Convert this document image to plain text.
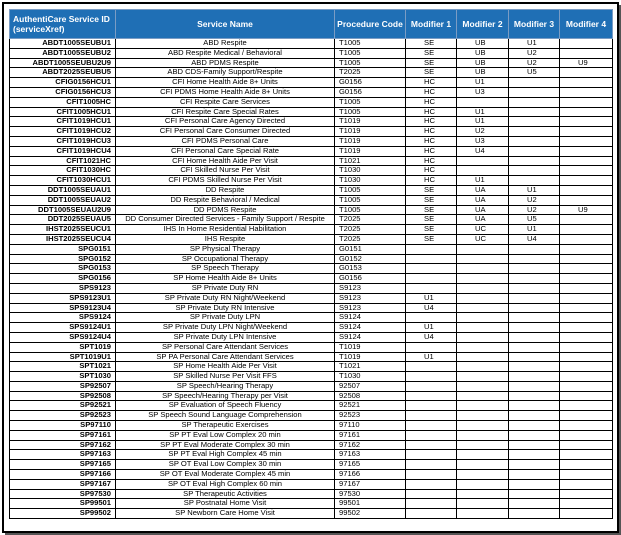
AuthentiCare Service ID (serviceXref)	Service Name	Procedure Code	Modifier 1	Modifier 2	Modifier 3	Modifier 4
ABDT1005SEUBU1	ABD Respite	T1005	SE	UB	U1	
ABDT1005SEUBU2	ABD Respite Medical / Behavioral	T1005	SE	UB	U2	
ABDT1005SEUBU2U9	ABD PDMS Respite	T1005	SE	UB	U2	U9
ABDT2025SEUBU5	ABD CDS-Family Support/Respite	T2025	SE	UB	U5	
CFIG0156HCU1	CFI Home Health Aide 8+ Units	G0156	HC	U1		
CFIG0156HCU3	CFI PDMS Home Health Aide 8+ Units	G0156	HC	U3		
CFIT1005HC	CFI Respite Care Services	T1005	HC			
CFIT1005HCU1	CFI Respite Care Special Rates	T1005	HC	U1		
CFIT1019HCU1	CFI Personal Care Agency Directed	T1019	HC	U1		
CFIT1019HCU2	CFI Personal Care Consumer Directed	T1019	HC	U2		
CFIT1019HCU3	CFI PDMS Personal Care	T1019	HC	U3		
CFIT1019HCU4	CFI Personal Care Special Rate	T1019	HC	U4		
CFIT1021HC	CFI Home Health Aide Per Visit	T1021	HC			
CFIT1030HC	CFI Skilled Nurse Per Visit	T1030	HC			
CFIT1030HCU1	CFI PDMS Skilled Nurse Per Visit	T1030	HC	U1		
DDT1005SEUAU1	DD Respite	T1005	SE	UA	U1	
DDT1005SEUAU2	DD Respite Behavioral / Medical	T1005	SE	UA	U2	
DDT1005SEUAU2U9	DD PDMS Respite	T1005	SE	UA	U2	U9
DDT2025SEUAU5	DD Consumer Directed Services - Family Support / Respite	T2025	SE	UA	U5	
IHST2025SEUCU1	IHS In Home Residential Habilitation	T2025	SE	UC	U1	
IHST2025SEUCU4	IHS Respite	T2025	SE	UC	U4	
SPG0151	SP Physical Therapy	G0151				
SPG0152	SP Occupational Therapy	G0152				
SPG0153	SP Speech Therapy	G0153				
SPG0156	SP Home Health Aide 8+ Units	G0156				
SPS9123	SP Private Duty RN	S9123				
SPS9123U1	SP Private Duty RN Night/Weekend	S9123	U1			
SPS9123U4	SP Private Duty RN Intensive	S9123	U4			
SPS9124	SP Private Duty LPN	S9124				
SPS9124U1	SP Private Duty LPN Night/Weekend	S9124	U1			
SPS9124U4	SP Private Duty LPN Intensive	S9124	U4			
SPT1019	SP Personal Care Attendant Services	T1019				
SPT1019U1	SP PA Personal Care Attendant Services	T1019	U1			
SPT1021	SP Home Health Aide Per Visit	T1021				
SPT1030	SP Skilled Nurse Per Visit FFS	T1030				
SP92507	SP Speech/Hearing Therapy	92507				
SP92508	SP Speech/Hearing Therapy per Visit	92508				
SP92521	SP Evaluation of Speech Fluency	92521				
SP92523	SP Speech Sound Language Comprehension	92523				
SP97110	SP Therapeutic Exercises	97110				
SP97161	SP PT Eval Low Complex 20 min	97161				
SP97162	SP PT Eval Moderate Complex 30 min	97162				
SP97163	SP PT Eval High Complex 45 min	97163				
SP97165	SP OT Eval Low Complex 30 min	97165				
SP97166	SP OT Eval Moderate Complex 45 min	97166				
SP97167	SP OT Eval High Complex 60 min	97167				
SP97530	SP Therapeutic Activities	97530				
SP99501	SP Postnatal Home Visit	99501				
SP99502	SP Newborn Care Home Visit	99502				
